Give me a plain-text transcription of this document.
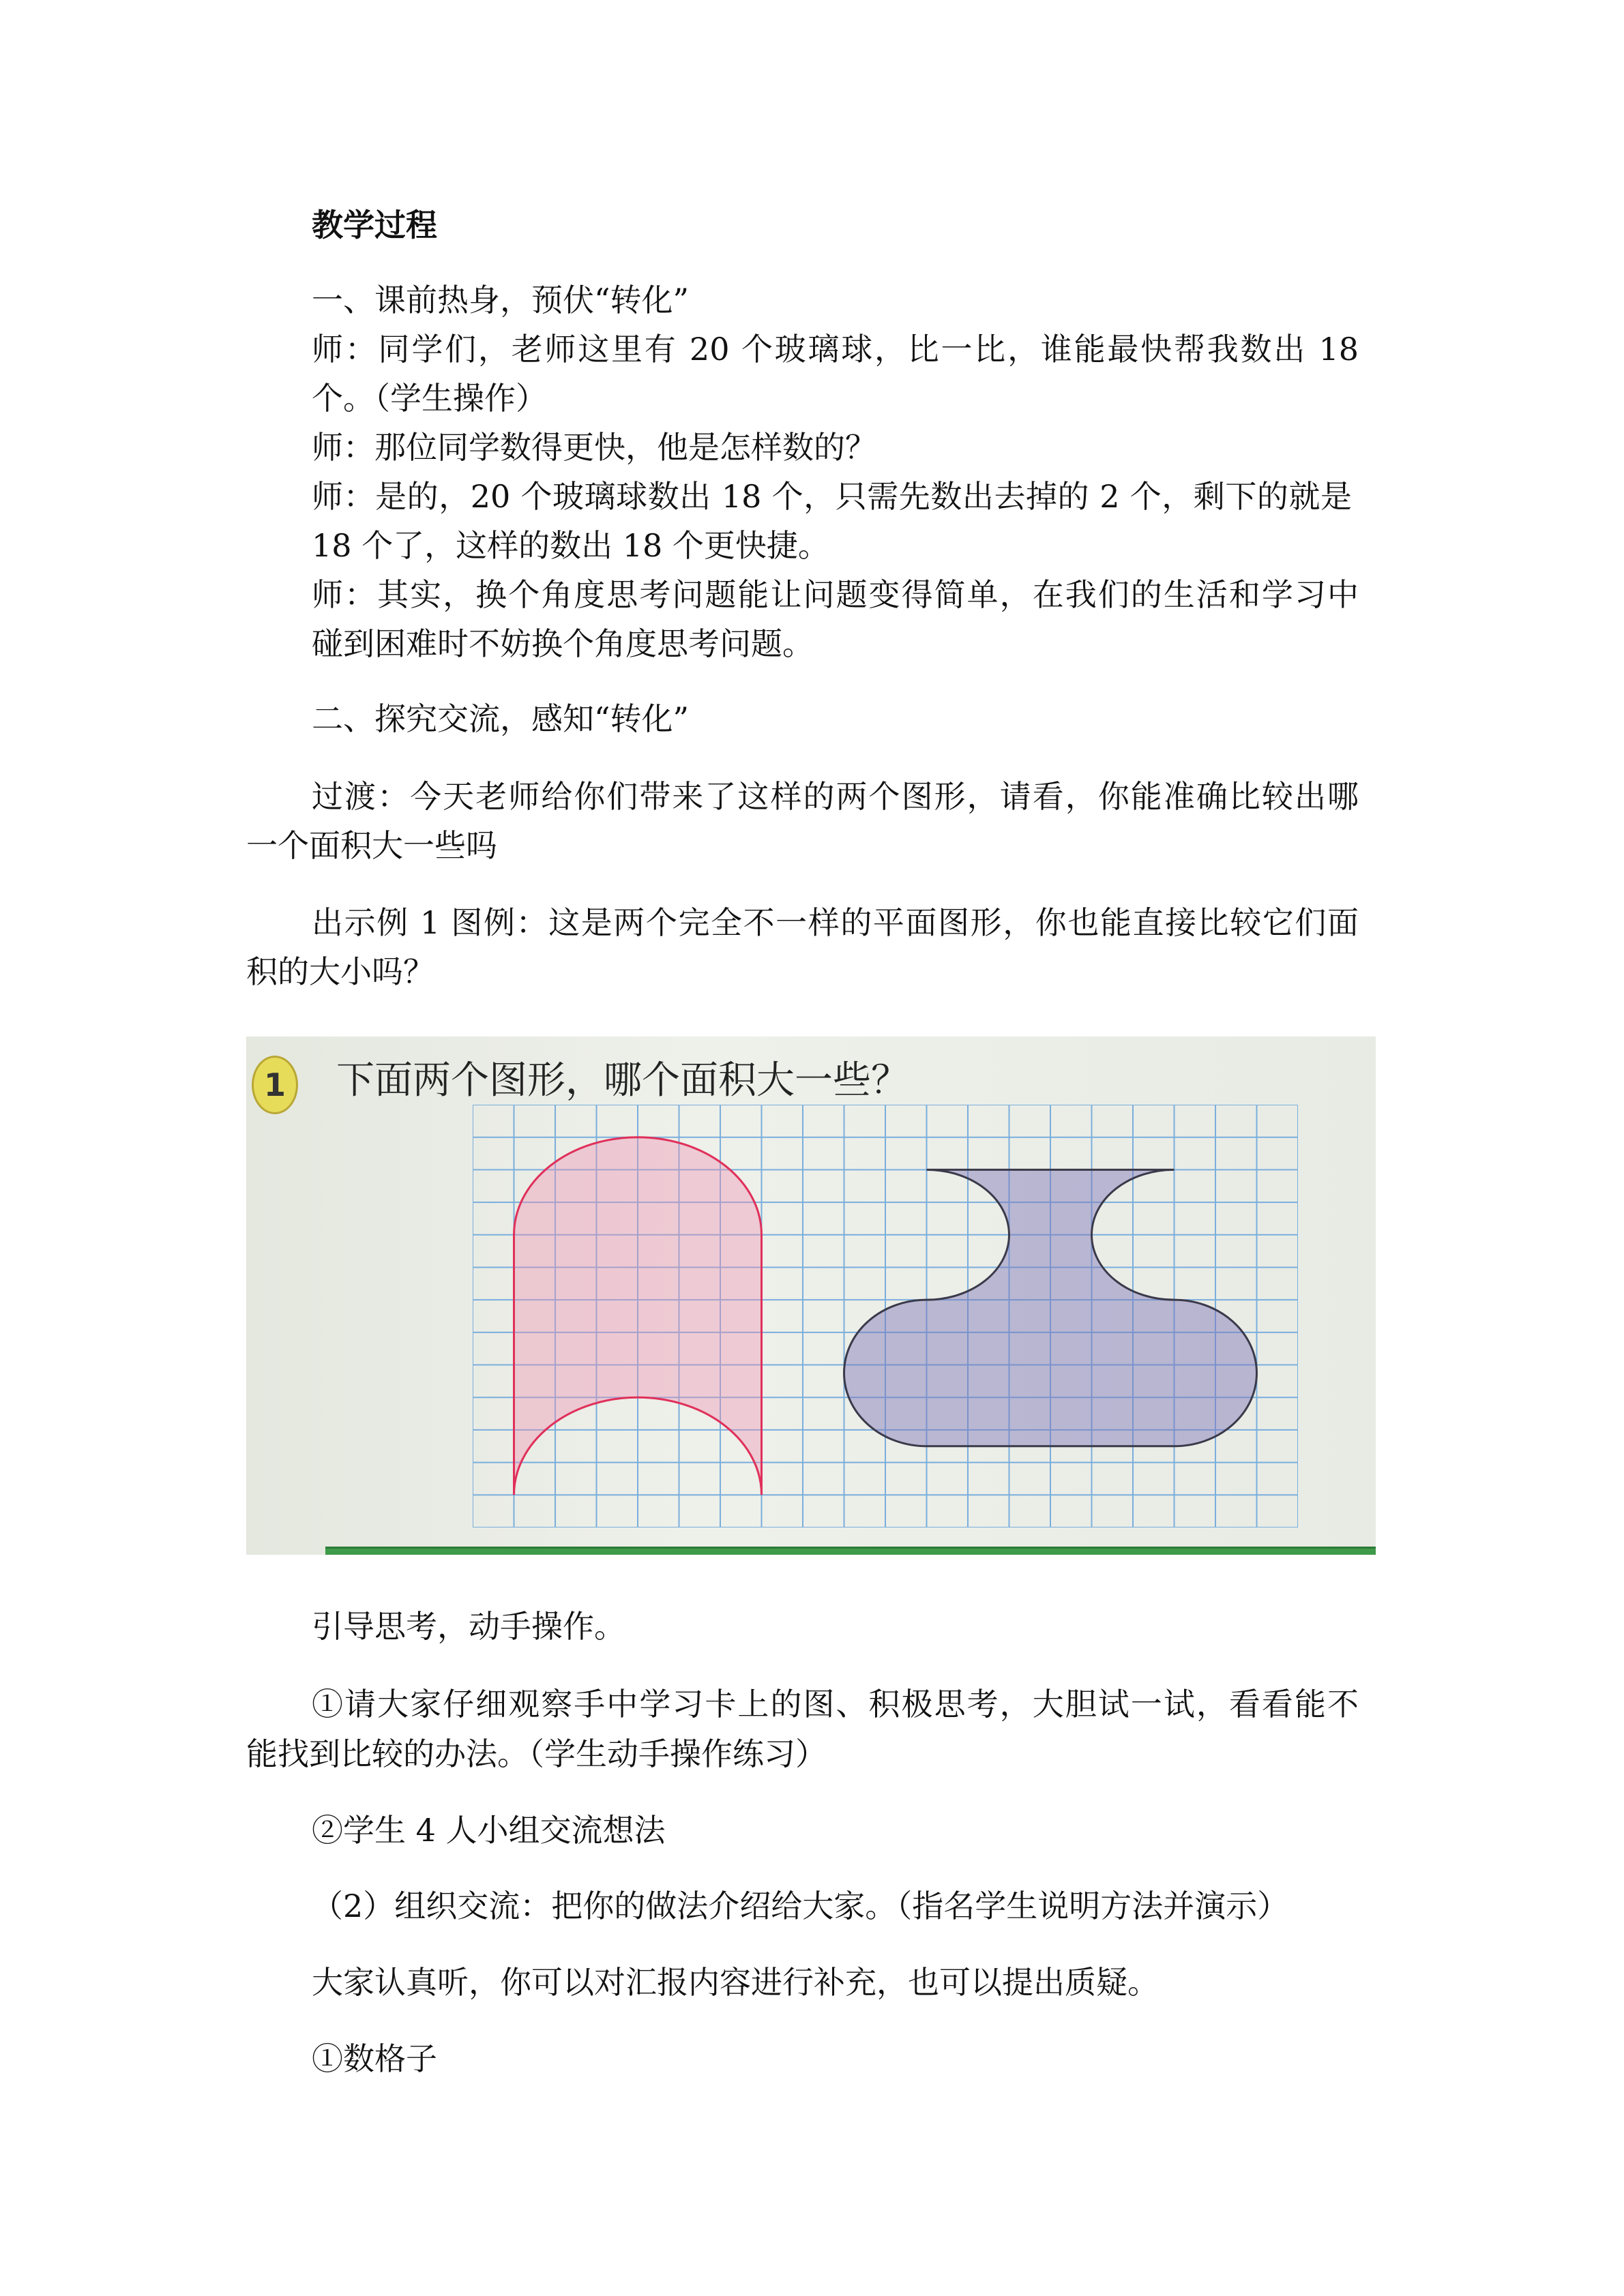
教学过程
一、课前热身，预伏“转化”
师：同学们，老师这里有 20 个玻璃球，比一比，谁能最快帮我数出 18
个。（学生操作）
师：那位同学数得更快，他是怎样数的？
师：是的，20 个玻璃球数出 18 个，只需先数出去掉的 2 个，剩下的就是
18 个了，这样的数出 18 个更快捷。
师：其实，换个角度思考问题能让问题变得简单，在我们的生活和学习中
碰到困难时不妨换个角度思考问题。
二、探究交流，感知“转化”
过渡：今天老师给你们带来了这样的两个图形，请看，你能准确比较出哪
一个面积大一些吗
出示例 1 图例：这是两个完全不一样的平面图形，你也能直接比较它们面
积的大小吗？
1	下面两个图形，哪个面积大一些？
引导思考，动手操作。
①请大家仔细观察手中学习卡上的图、积极思考，大胆试一试，看看能不
能找到比较的办法。（学生动手操作练习）
②学生 4 人小组交流想法
（2）组织交流：把你的做法介绍给大家。（指名学生说明方法并演示）
大家认真听，你可以对汇报内容进行补充，也可以提出质疑。
①数格子
